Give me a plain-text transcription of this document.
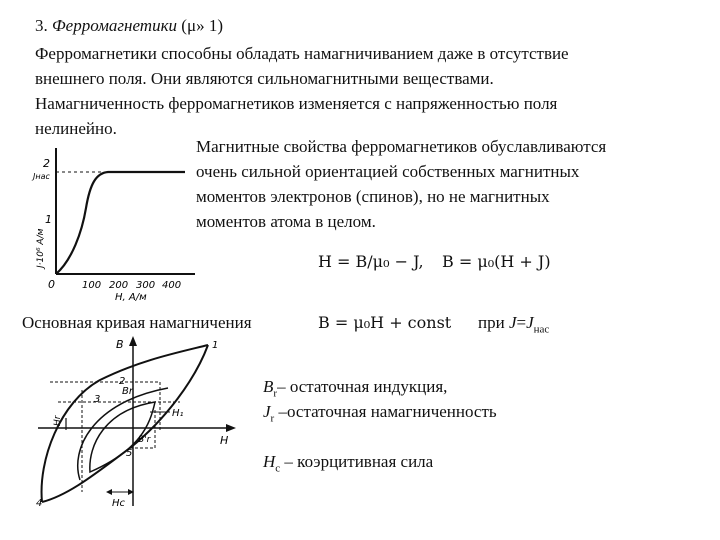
3. Ферромагнетики (μ» 1)
Ферромагнетики способны обладать намагничиванием даже в отсутствие
внешнего поля. Они являются сильномагнитными веществами.
Намагниченность ферромагнетиков изменяется с напряженностью поля
нелинейно.
Магнитные свойства ферромагнетиков обуславливаются
очень сильной ориентацией собственных магнитных
моментов электронов (спинов), но не магнитных
моментов атома в целом.
2
Jнас
1
0
J·10⁶ А/м
100 200 300 400
H, А/м
H = B/μ₀ − J, B = μ₀(H + J)
B = μ₀H + const
Основная кривая намагничения	при $J=J_{нас}$
B
H
1
2
3
4
5
Br
B'r
H₁
Hr
Hc
$B_r-$ остаточная индукция,
$J_r$ –остаточная намагниченность
$H_c$ – коэрцитивная сила
